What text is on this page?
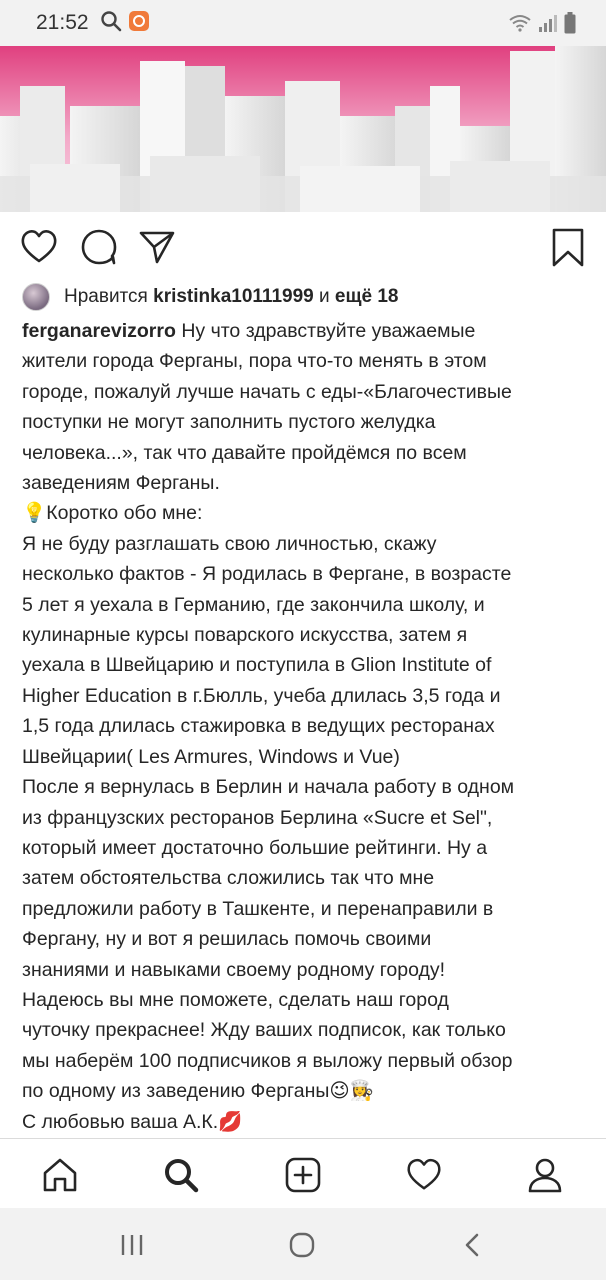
21:52
Нравится
kristinka10111999
и
ещё 18
ferganarevizorro Ну что здравствуйте уважаемые
жители города Ферганы, пора что-то менять в этом
городе, пожалуй лучше начать с еды-«Благочестивые
поступки не могут заполнить пустого желудка
человека...», так что давайте пройдёмся по всем
заведениям Ферганы.
💡Коротко обо мне:
Я не буду разглашать свою личностью, скажу
несколько фактов - Я родилась в Фергане, в возрасте
5 лет я уехала в Германию, где закончила школу, и
кулинарные курсы поварского искусства, затем я
уехала в Швейцарию и поступила в Glion Institute of
Higher Education в г.Бюлль, учеба длилась 3,5 года и
1,5 года длилась стажировка в ведущих ресторанах
Швейцарии( Les Armures, Windows и Vue)
После я вернулась в Берлин и начала работу в одном
из французских ресторанов Берлина «Sucre et Sel",
который имеет достаточно большие рейтинги. Ну а
затем обстоятельства сложились так что мне
предложили работу в Ташкенте, и перенаправили в
Фергану, ну и вот я решилась помочь своими
знаниями и навыками своему родному городу!
Надеюсь вы мне поможете, сделать наш город
чуточку прекраснее! Жду ваших подписок, как только
мы наберём 100 подписчиков я выложу первый обзор
по одному из заведению Ферганы😉👩‍🍳
С любовью ваша А.К.💋
